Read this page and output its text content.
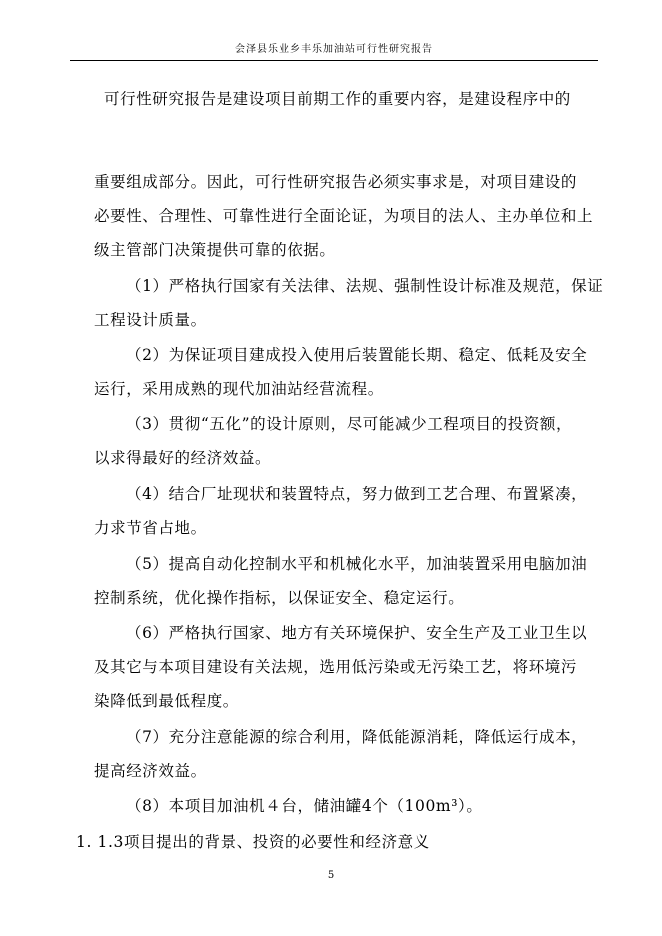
会泽县乐业乡丰乐加油站可行性研究报告
可行性研究报告是建设项目前期工作的重要内容，是建设程序中的
重要组成部分。因此，可行性研究报告必须实事求是，对项目建设的
必要性、合理性、可靠性进行全面论证，为项目的法人、主办单位和上
级主管部门决策提供可靠的依据。
（1）严格执行国家有关法律、法规、强制性设计标准及规范，保证
工程设计质量。
（2）为保证项目建成投入使用后装置能长期、稳定、低耗及安全
运行，采用成熟的现代加油站经营流程。
（3）贯彻“五化”的设计原则，尽可能减少工程项目的投资额，
以求得最好的经济效益。
（4）结合厂址现状和装置特点，努力做到工艺合理、布置紧凑，
力求节省占地。
（5）提高自动化控制水平和机械化水平，加油装置采用电脑加油
控制系统，优化操作指标，以保证安全、稳定运行。
（6）严格执行国家、地方有关环境保护、安全生产及工业卫生以
及其它与本项目建设有关法规，选用低污染或无污染工艺，将环境污
染降低到最低程度。
（7）充分注意能源的综合利用，降低能源消耗，降低运行成本，
提高经济效益。
（8）本项目加油机４台，储油罐4个（100m³）。
1. 1.3项目提出的背景、投资的必要性和经济意义
5
